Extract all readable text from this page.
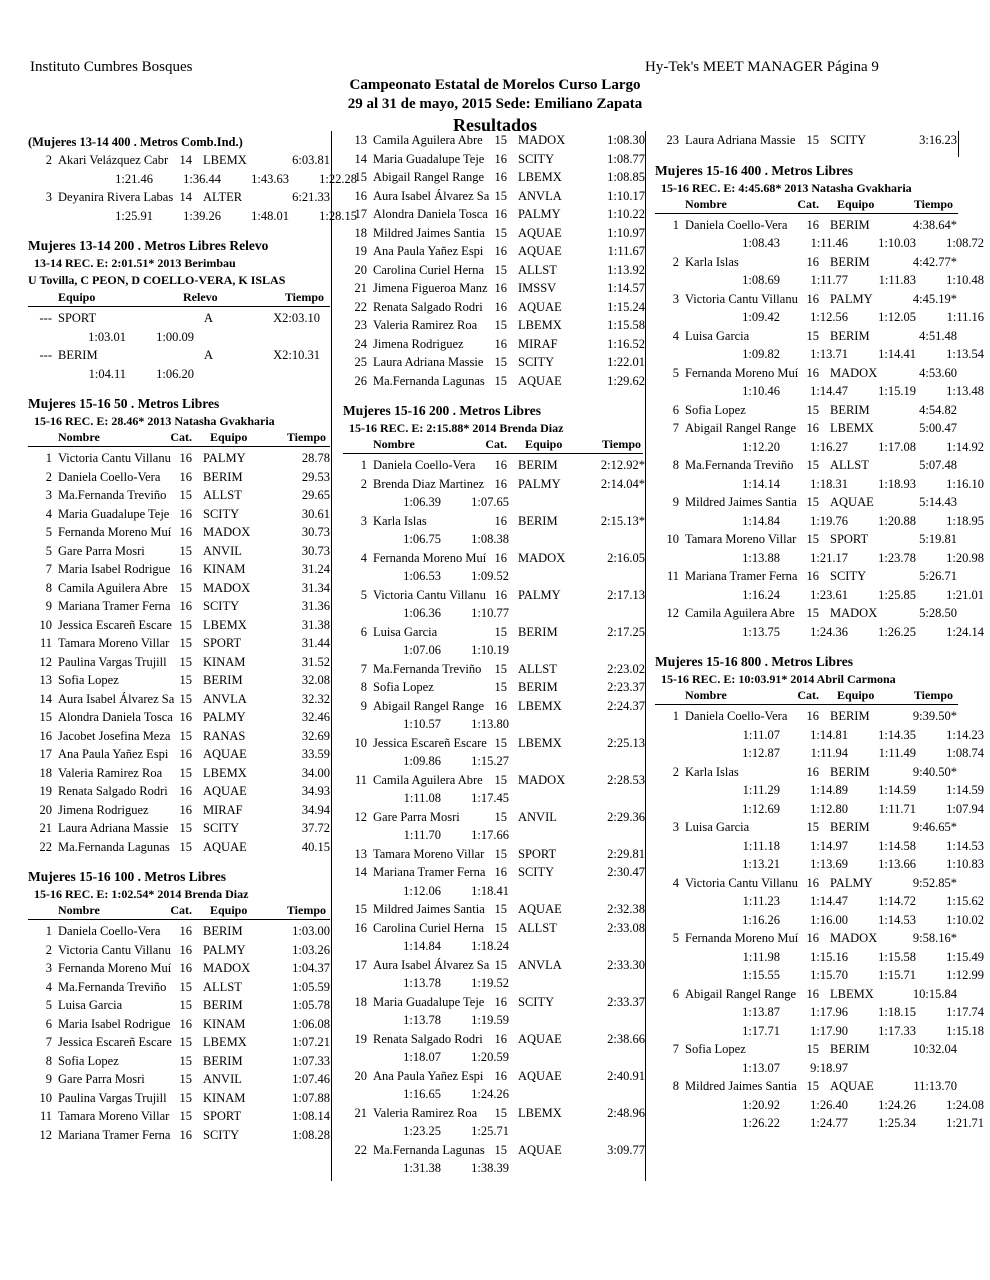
Instituto Cumbres Bosques	Hy-Tek's MEET MANAGER Página 9
Campeonato Estatal de Morelos Curso Largo
29 al 31 de mayo, 2015 Sede: Emiliano Zapata
Resultados
(Mujeres 13-14 400 . Metros Comb.Ind.)
2 Akari Velázquez Cabr 14 LBEMX	6:03.81
1:21.46 1:36.44 1:43.63 1:22.28
3 Deyanira Rivera Labas 14 ALTER	6:21.33
1:25.91 1:39.26 1:48.01 1:28.15
Mujeres 13-14 200 . Metros Libres Relevo
13-14 REC. E: 2:01.51* 2013 Berimbau
U Tovilla, C PEON, D COELLO-VERA, K ISLAS
Equipo	Relevo	Tiempo
--- SPORT	A	X2:03.10
1:03.01 1:00.09
--- BERIM	A	X2:10.31
1:04.11 1:06.20
Mujeres 15-16 50 . Metros Libres
15-16 REC. E: 28.46* 2013 Natasha Gvakharia
Nombre	Cat. Equipo	Tiempo
1 Victoria Cantu Villanu 16 PALMY	28.78
2 Daniela Coello-Vera	16 BERIM	29.53
3 Ma.Fernanda Treviño	15 ALLST	29.65
4 Maria Guadalupe Teje 16 SCITY	30.61
5 Fernanda Moreno Muí 16 MADOX	30.73
5 Gare Parra Mosri	15 ANVIL	30.73
7 Maria Isabel Rodrigue 16 KINAM	31.24
8 Camila Aguilera Abre 15 MADOX	31.34
9 Mariana Tramer Ferna 16 SCITY	31.36
10 Jessica Escareñ Escare 15 LBEMX	31.38
11 Tamara Moreno Villar 15 SPORT	31.44
12 Paulina Vargas Trujill	15 KINAM	31.52
13 Sofia Lopez	15 BERIM	32.08
14 Aura Isabel Álvarez Sa 15 ANVLA	32.32
15 Alondra Daniela Tosca 16 PALMY	32.46
16 Jacobet Josefina Meza 15 RANAS	32.69
17 Ana Paula Yañez Espi 16 AQUAE	33.59
18 Valeria Ramirez Roa	15 LBEMX	34.00
19 Renata Salgado Rodri 16 AQUAE	34.93
20 Jimena Rodriguez	16 MIRAF	34.94
21 Laura Adriana Massie 15 SCITY	37.72
22 Ma.Fernanda Lagunas 15 AQUAE	40.15
Mujeres 15-16 100 . Metros Libres
15-16 REC. E: 1:02.54* 2014 Brenda Diaz
Nombre	Cat. Equipo	Tiempo
1 Daniela Coello-Vera	16 BERIM	1:03.00
2 Victoria Cantu Villanu 16 PALMY	1:03.26
3 Fernanda Moreno Muí 16 MADOX	1:04.37
4 Ma.Fernanda Treviño	15 ALLST	1:05.59
5 Luisa Garcia	15 BERIM	1:05.78
6 Maria Isabel Rodrigue 16 KINAM	1:06.08
7 Jessica Escareñ Escare 15 LBEMX	1:07.21
8 Sofia Lopez	15 BERIM	1:07.33
9 Gare Parra Mosri	15 ANVIL	1:07.46
10 Paulina Vargas Trujill	15 KINAM	1:07.88
11 Tamara Moreno Villar 15 SPORT	1:08.14
12 Mariana Tramer Ferna 16 SCITY	1:08.28
13 Camila Aguilera Abre 15 MADOX	1:08.30
14 Maria Guadalupe Teje 16 SCITY	1:08.77
15 Abigail Rangel Range 16 LBEMX	1:08.85
16 Aura Isabel Álvarez Sa 15 ANVLA	1:10.17
17 Alondra Daniela Tosca 16 PALMY	1:10.22
18 Mildred Jaimes Santia 15 AQUAE	1:10.97
19 Ana Paula Yañez Espi 16 AQUAE	1:11.67
20 Carolina Curiel Herna 15 ALLST	1:13.92
21 Jimena Figueroa Manz 16 IMSSV	1:14.57
22 Renata Salgado Rodri 16 AQUAE	1:15.24
23 Valeria Ramirez Roa	15 LBEMX	1:15.58
24 Jimena Rodriguez	16 MIRAF	1:16.52
25 Laura Adriana Massie 15 SCITY	1:22.01
26 Ma.Fernanda Lagunas 15 AQUAE	1:29.62
Mujeres 15-16 200 . Metros Libres
15-16 REC. E: 2:15.88* 2014 Brenda Diaz
Nombre	Cat. Equipo	Tiempo
1 Daniela Coello-Vera	16 BERIM	2:12.92*
2 Brenda Diaz Martinez 16 PALMY	2:14.04*
1:06.39 1:07.65
3 Karla Islas	16 BERIM	2:15.13*
1:06.75 1:08.38
4 Fernanda Moreno Muí 16 MADOX	2:16.05
1:06.53 1:09.52
5 Victoria Cantu Villanu 16 PALMY	2:17.13
1:06.36 1:10.77
6 Luisa Garcia	15 BERIM	2:17.25
1:07.06 1:10.19
7 Ma.Fernanda Treviño	15 ALLST	2:23.02
8 Sofia Lopez	15 BERIM	2:23.37
9 Abigail Rangel Range 16 LBEMX	2:24.37
1:10.57 1:13.80
10 Jessica Escareñ Escare 15 LBEMX	2:25.13
1:09.86 1:15.27
11 Camila Aguilera Abre 15 MADOX	2:28.53
1:11.08 1:17.45
12 Gare Parra Mosri	15 ANVIL	2:29.36
1:11.70 1:17.66
13 Tamara Moreno Villar 15 SPORT	2:29.81
14 Mariana Tramer Ferna 16 SCITY	2:30.47
1:12.06 1:18.41
15 Mildred Jaimes Santia 15 AQUAE	2:32.38
16 Carolina Curiel Herna 15 ALLST	2:33.08
1:14.84 1:18.24
17 Aura Isabel Álvarez Sa 15 ANVLA	2:33.30
1:13.78 1:19.52
18 Maria Guadalupe Teje 16 SCITY	2:33.37
1:13.78 1:19.59
19 Renata Salgado Rodri 16 AQUAE	2:38.66
1:18.07 1:20.59
20 Ana Paula Yañez Espi 16 AQUAE	2:40.91
1:16.65 1:24.26
21 Valeria Ramirez Roa	15 LBEMX	2:48.96
1:23.25 1:25.71
22 Ma.Fernanda Lagunas 15 AQUAE	3:09.77
1:31.38 1:38.39
23 Laura Adriana Massie 15 SCITY	3:16.23
Mujeres 15-16 400 . Metros Libres
15-16 REC. E: 4:45.68* 2013 Natasha Gvakharia
Nombre	Cat. Equipo	Tiempo
1 Daniela Coello-Vera	16 BERIM	4:38.64*
1:08.43 1:11.46 1:10.03 1:08.72
2 Karla Islas	16 BERIM	4:42.77*
1:08.69 1:11.77 1:11.83 1:10.48
3 Victoria Cantu Villanu 16 PALMY	4:45.19*
1:09.42 1:12.56 1:12.05 1:11.16
4 Luisa Garcia	15 BERIM	4:51.48
1:09.82 1:13.71 1:14.41 1:13.54
5 Fernanda Moreno Muí 16 MADOX	4:53.60
1:10.46 1:14.47 1:15.19 1:13.48
6 Sofia Lopez	15 BERIM	4:54.82
7 Abigail Rangel Range 16 LBEMX	5:00.47
1:12.20 1:16.27 1:17.08 1:14.92
8 Ma.Fernanda Treviño	15 ALLST	5:07.48
1:14.14 1:18.31 1:18.93 1:16.10
9 Mildred Jaimes Santia 15 AQUAE	5:14.43
1:14.84 1:19.76 1:20.88 1:18.95
10 Tamara Moreno Villar 15 SPORT	5:19.81
1:13.88 1:21.17 1:23.78 1:20.98
11 Mariana Tramer Ferna 16 SCITY	5:26.71
1:16.24 1:23.61 1:25.85 1:21.01
12 Camila Aguilera Abre 15 MADOX	5:28.50
1:13.75 1:24.36 1:26.25 1:24.14
Mujeres 15-16 800 . Metros Libres
15-16 REC. E: 10:03.91* 2014 Abril Carmona
Nombre	Cat. Equipo	Tiempo
1 Daniela Coello-Vera	16 BERIM	9:39.50*
1:11.07 1:14.81 1:14.35 1:14.23
1:12.87 1:11.94 1:11.49 1:08.74
2 Karla Islas	16 BERIM	9:40.50*
1:11.29 1:14.89 1:14.59 1:14.59
1:12.69 1:12.80 1:11.71 1:07.94
3 Luisa Garcia	15 BERIM	9:46.65*
1:11.18 1:14.97 1:14.58 1:14.53
1:13.21 1:13.69 1:13.66 1:10.83
4 Victoria Cantu Villanu 16 PALMY	9:52.85*
1:11.23 1:14.47 1:14.72 1:15.62
1:16.26 1:16.00 1:14.53 1:10.02
5 Fernanda Moreno Muí 16 MADOX	9:58.16*
1:11.98 1:15.16 1:15.58 1:15.49
1:15.55 1:15.70 1:15.71 1:12.99
6 Abigail Rangel Range 16 LBEMX	10:15.84
1:13.87 1:17.96 1:18.15 1:17.74
1:17.71 1:17.90 1:17.33 1:15.18
7 Sofia Lopez	15 BERIM	10:32.04
1:13.07 9:18.97
8 Mildred Jaimes Santia 15 AQUAE	11:13.70
1:20.92 1:26.40 1:24.26 1:24.08
1:26.22 1:24.77 1:25.34 1:21.71
